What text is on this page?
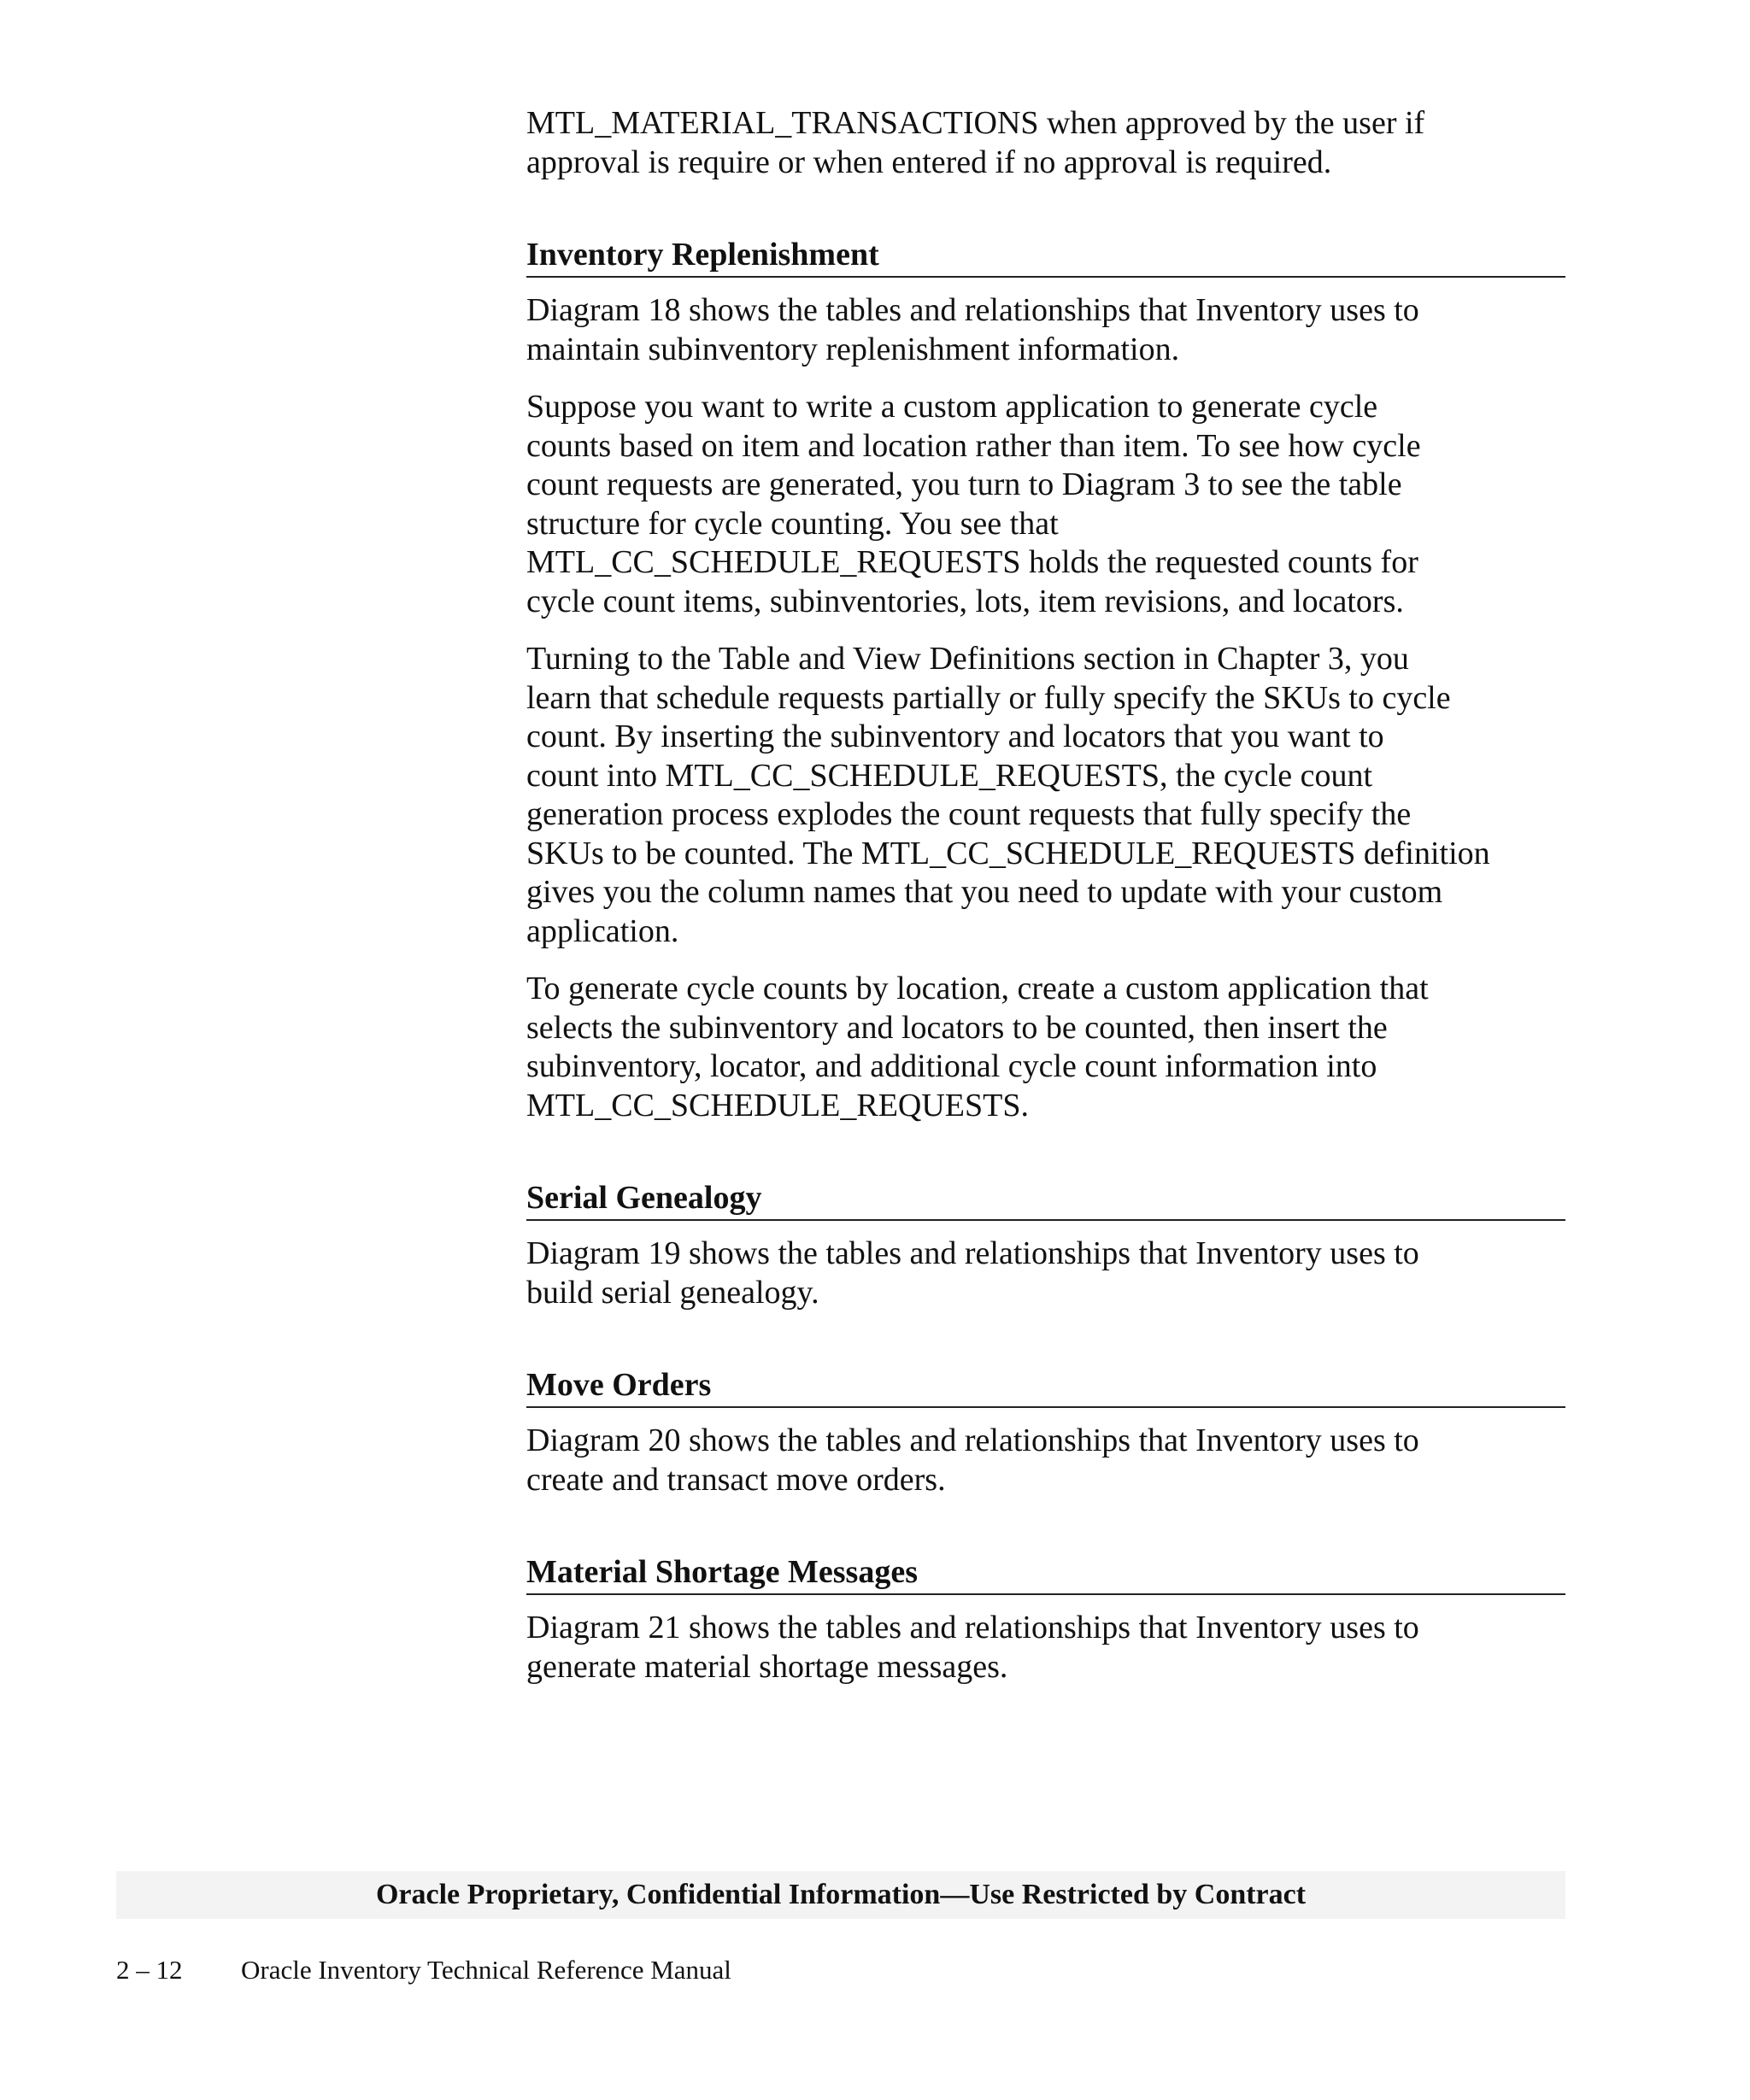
MTL_MATERIAL_TRANSACTIONS when approved by the user if
approval is require or when entered if no approval is required.

Inventory Replenishment

Diagram 18 shows the tables and relationships that Inventory uses to
maintain subinventory replenishment information.

Suppose you want to write a custom application to generate cycle
counts based on item and location rather than item. To see how cycle
count requests are generated, you turn to Diagram 3 to see the table
structure for cycle counting. You see that
MTL_CC_SCHEDULE_REQUESTS holds the requested counts for
cycle count items, subinventories, lots, item revisions, and locators.

Turning to the Table and View Definitions section in Chapter 3, you
learn that schedule requests partially or fully specify the SKUs to cycle
count. By inserting the subinventory and locators that you want to
count into MTL_CC_SCHEDULE_REQUESTS, the cycle count
generation process explodes the count requests that fully specify the
SKUs to be counted. The MTL_CC_SCHEDULE_REQUESTS definition
gives you the column names that you need to update with your custom
application.

To generate cycle counts by location, create a custom application that
selects the subinventory and locators to be counted, then insert the
subinventory, locator, and additional cycle count information into
MTL_CC_SCHEDULE_REQUESTS.

Serial Genealogy

Diagram 19 shows the tables and relationships that Inventory uses to
build serial genealogy.

Move Orders

Diagram 20 shows the tables and relationships that Inventory uses to
create and transact move orders.

Material Shortage Messages

Diagram 21 shows the tables and relationships that Inventory uses to
generate material shortage messages.

Oracle Proprietary, Confidential Information––Use Restricted by Contract
2 – 12 Oracle Inventory Technical Reference Manual
